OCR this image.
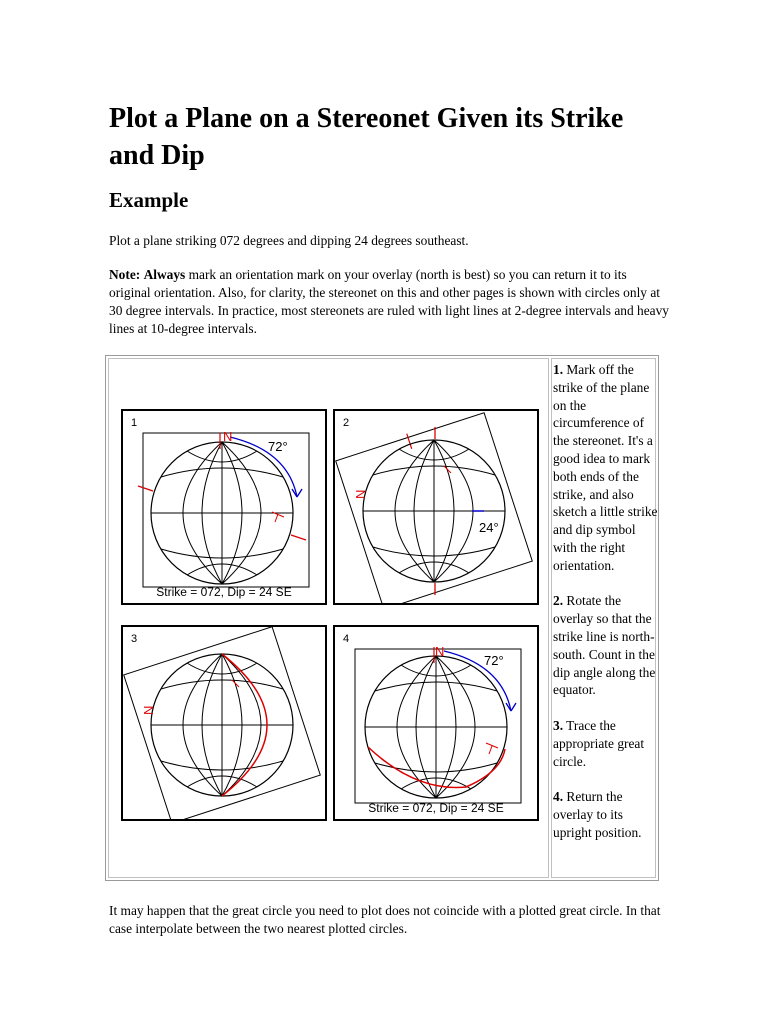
Plot a Plane on a Stereonet Given its Strike and Dip
Example

Plot a plane striking 072 degrees and dipping 24 degrees southeast.

Note: Always mark an orientation mark on your overlay (north is best) so you can return it to its original orientation. Also, for clarity, the stereonet on this and other pages is shown with circles only at 30 degree intervals. In practice, most stereonets are ruled with light lines at 2-degree intervals and heavy lines at 10-degree intervals.

1. Mark off the strike of the plane on the circumference of the stereonet. It's a good idea to mark both ends of the strike, and also sketch a little strike and dip symbol with the right orientation.

2. Rotate the overlay so that the strike line is north-south. Count in the dip angle along the equator.

3. Trace the appropriate great circle.

4. Return the overlay to its upright position.

1
N
72°
Strike = 072, Dip = 24 SE
2
N
24°
3
N
4
N
72°
Strike = 072, Dip = 24 SE

It may happen that the great circle you need to plot does not coincide with a plotted great circle. In that case interpolate between the two nearest plotted circles.
